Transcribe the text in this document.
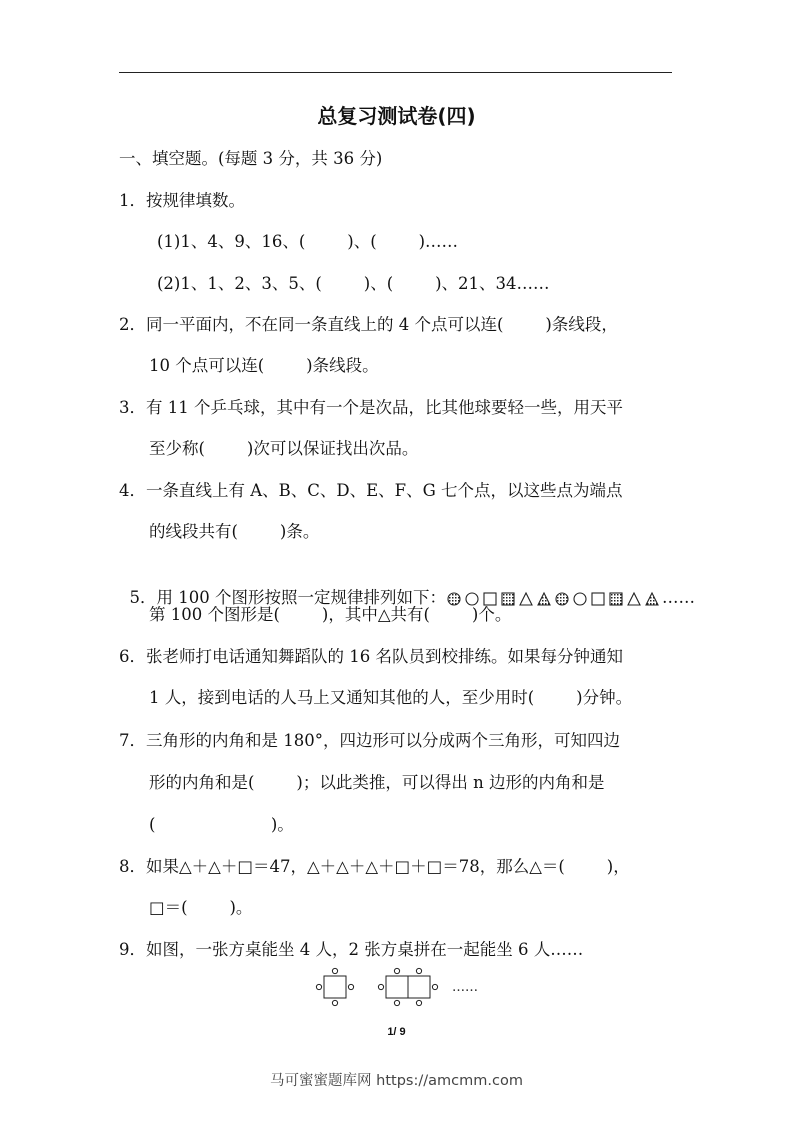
总复习测试卷(四)
一、填空题。(每题 3 分，共 36 分)
1．按规律填数。
(1)1、4、9、16、(        )、(        )……
(2)1、1、2、3、5、(        )、(        )、21、34……
2．同一平面内，不在同一条直线上的 4 个点可以连(        )条线段，
10 个点可以连(        )条线段。
3．有 11 个乒乓球，其中有一个是次品，比其他球要轻一些，用天平
至少称(        )次可以保证找出次品。
4．一条直线上有 A、B、C、D、E、F、G 七个点，以这些点为端点
的线段共有(        )条。

5．用 100 个图形按照一定规律排列如下：	……

第 100 个图形是(        )，其中△共有(        )个。
6．张老师打电话通知舞蹈队的 16 名队员到校排练。如果每分钟通知
1 人，接到电话的人马上又通知其他的人，至少用时(        )分钟。
7．三角形的内角和是 180°，四边形可以分成两个三角形，可知四边
形的内角和是(        )；以此类推，可以得出 n 边形的内角和是
(                      )。
8．如果△＋△＋□＝47，△＋△＋△＋□＋□＝78，那么△＝(        )，
□＝(        )。
9．如图，一张方桌能坐 4 人，2 张方桌拼在一起能坐 6 人……
……
1/ 9
马可蜜蜜题库网 https://amcmm.com
